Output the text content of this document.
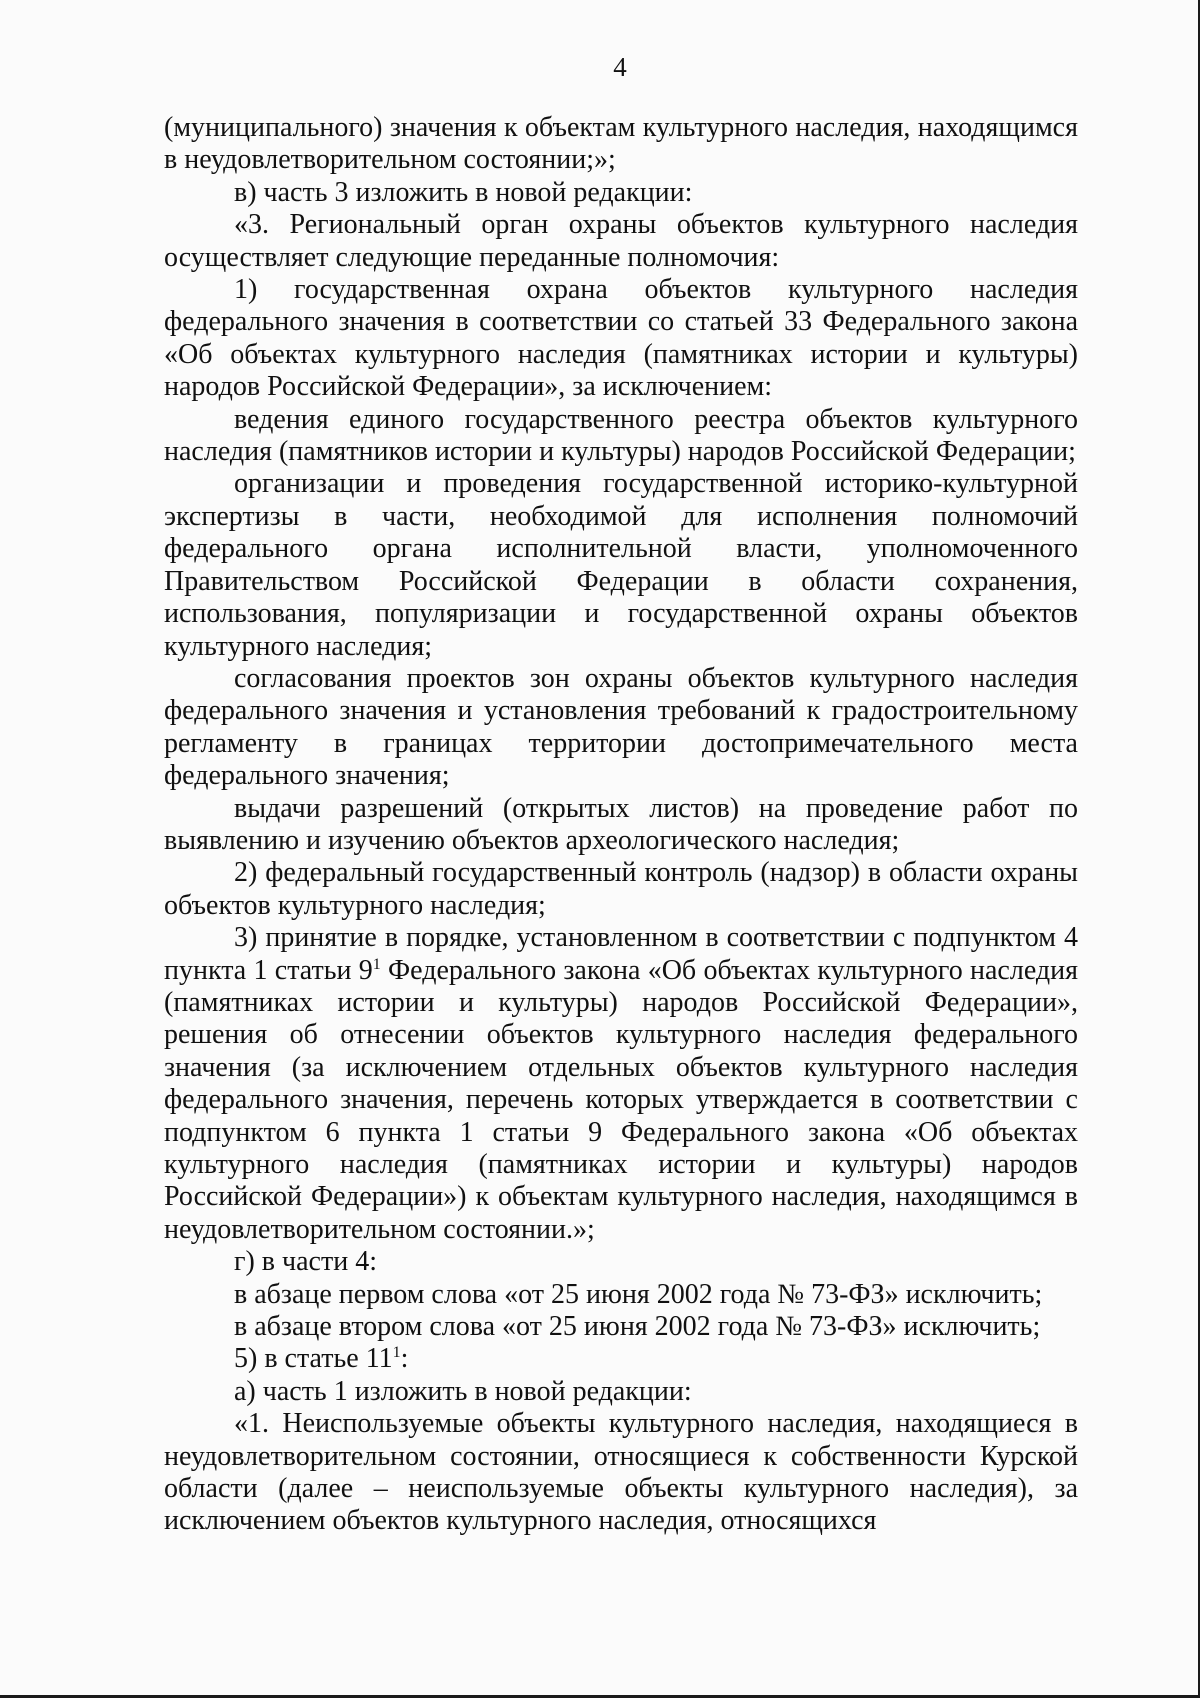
4

(муниципального) значения к объектам культурного наследия, находящимся в неудовлетворительном состоянии;»;

в) часть 3 изложить в новой редакции:

«3. Региональный орган охраны объектов культурного наследия осуществляет следующие переданные полномочия:

1) государственная охрана объектов культурного наследия федерального значения в соответствии со статьей 33 Федерального закона «Об объектах культурного наследия (памятниках истории и культуры) народов Российской Федерации», за исключением:

ведения единого государственного реестра объектов культурного наследия (памятников истории и культуры) народов Российской Федерации;

организации и проведения государственной историко-культурной экспертизы в части, необходимой для исполнения полномочий федерального органа исполнительной власти, уполномоченного Правительством Российской Федерации в области сохранения, использования, популяризации и государственной охраны объектов культурного наследия;

согласования проектов зон охраны объектов культурного наследия федерального значения и установления требований к градостроительному регламенту в границах территории достопримечательного места федерального значения;

выдачи разрешений (открытых листов) на проведение работ по выявлению и изучению объектов археологического наследия;

2) федеральный государственный контроль (надзор) в области охраны объектов культурного наследия;

3) принятие в порядке, установленном в соответствии с подпунктом 4 пункта 1 статьи $9^1$ Федерального закона «Об объектах культурного наследия (памятниках истории и культуры) народов Российской Федерации», решения об отнесении объектов культурного наследия федерального значения (за исключением отдельных объектов культурного наследия федерального значения, перечень которых утверждается в соответствии с подпунктом 6 пункта 1 статьи 9 Федерального закона «Об объектах культурного наследия (памятниках истории и культуры) народов Российской Федерации») к объектам культурного наследия, находящимся в неудовлетворительном состоянии.»;

г) в части 4:

в абзаце первом слова «от 25 июня 2002 года № 73-ФЗ» исключить;

в абзаце втором слова «от 25 июня 2002 года № 73-ФЗ» исключить;

5) в статье $11^1$:

а) часть 1 изложить в новой редакции:

«1. Неиспользуемые объекты культурного наследия, находящиеся в неудовлетворительном состоянии, относящиеся к собственности Курской области (далее – неиспользуемые объекты культурного наследия), за исключением объектов культурного наследия, относящихся
